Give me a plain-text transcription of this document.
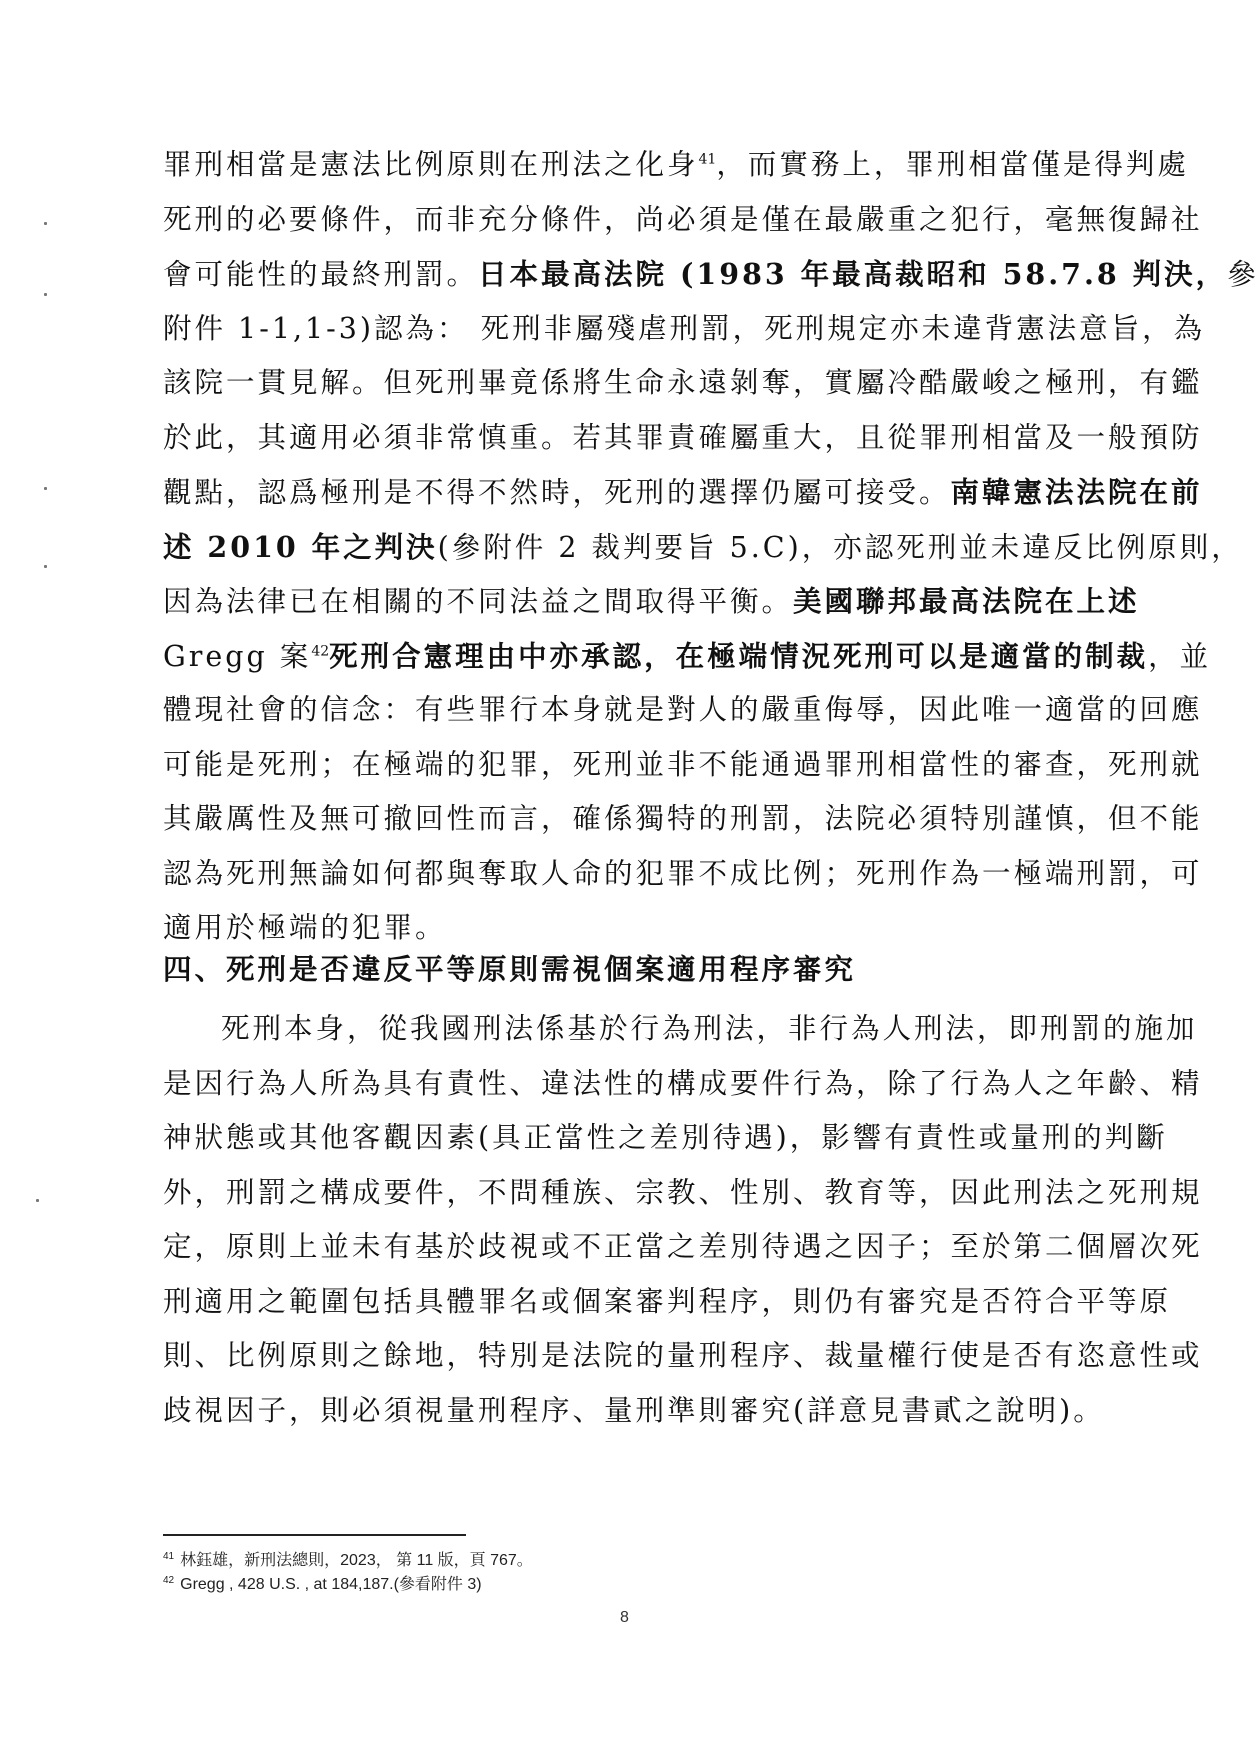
罪刑相當是憲法比例原則在刑法之化身$^{41}$，而實務上，罪刑相當僅是得判處
死刑的必要條件，而非充分條件，尚必須是僅在最嚴重之犯行，毫無復歸社
會可能性的最終刑罰。日本最高法院 (1983 年最高裁昭和 58.7.8 判決，參
附件 1-1,1-3)認為： 死刑非屬殘虐刑罰，死刑規定亦未違背憲法意旨，為
該院一貫見解。但死刑畢竟係將生命永遠剝奪，實屬冷酷嚴峻之極刑，有鑑
於此，其適用必須非常慎重。若其罪責確屬重大，且從罪刑相當及一般預防
觀點，認爲極刑是不得不然時，死刑的選擇仍屬可接受。南韓憲法法院在前
述 2010 年之判決(參附件 2 裁判要旨 5.C)，亦認死刑並未違反比例原則，
因為法律已在相關的不同法益之間取得平衡。美國聯邦最高法院在上述
Gregg 案$^{42}$死刑合憲理由中亦承認，在極端情況死刑可以是適當的制裁，並
體現社會的信念：有些罪行本身就是對人的嚴重侮辱，因此唯一適當的回應
可能是死刑；在極端的犯罪，死刑並非不能通過罪刑相當性的審查，死刑就
其嚴厲性及無可撤回性而言，確係獨特的刑罰，法院必須特別謹慎，但不能
認為死刑無論如何都與奪取人命的犯罪不成比例；死刑作為一極端刑罰，可
適用於極端的犯罪。
四、死刑是否違反平等原則需視個案適用程序審究
死刑本身，從我國刑法係基於行為刑法，非行為人刑法，即刑罰的施加
是因行為人所為具有責性、違法性的構成要件行為，除了行為人之年齡、精
神狀態或其他客觀因素(具正當性之差別待遇)，影響有責性或量刑的判斷
外，刑罰之構成要件，不問種族、宗教、性別、教育等，因此刑法之死刑規
定，原則上並未有基於歧視或不正當之差別待遇之因子；至於第二個層次死
刑適用之範圍包括具體罪名或個案審判程序，則仍有審究是否符合平等原
則、比例原則之餘地，特別是法院的量刑程序、裁量權行使是否有恣意性或
歧視因子，則必須視量刑程序、量刑準則審究(詳意見書貳之說明)。
$^{41}$ 林鈺雄，新刑法總則，2023， 第 11 版，頁 767。
$^{42}$ Gregg , 428 U.S. , at 184,187.(參看附件 3)
8
